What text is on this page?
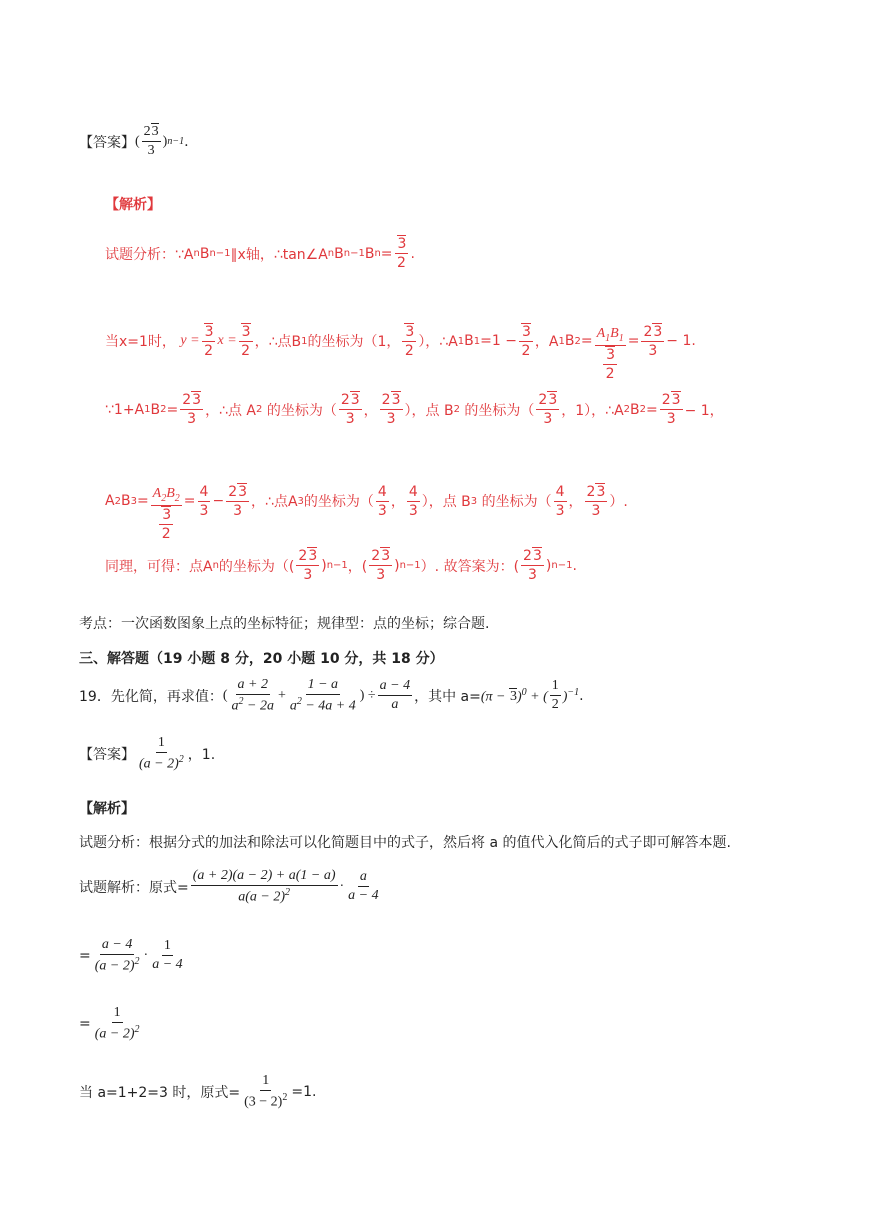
【答案】 ( $\frac{23}{3}$ ) n−1 .
【解析】
试题分析：∵A n B n−1 ∥x轴，∴tan∠A n B n−1 B $n = \frac{3}{2}$ .
当x=1时，
$y = \frac{3}{2}$ $x = \frac{3}{2}$ ，∴点B 1 的坐标为（1， $\frac{3}{2}$ ），∴A 1 B $1 =1 - \frac{3}{2}$ ，A 1 B $2 = \frac{A_1B_1}{\frac{3}{2}} = \frac{23}{3} - 1$.
∵1+A 1 B $2 = \frac{23}{3}$ ，∴点 A 2
的坐标为（ $\frac{23}{3}$ ， $\frac{23}{3}$ ），点 B 2
的坐标为（ $\frac{23}{3}$ ，1），∴A 2 B $2 = \frac{23}{3} - 1$，
A 2 B $3 = \frac{A_2B_2}{\frac{3}{2}} = \frac{4}{3} - \frac{23}{3}$ ，∴点A 3 的坐标为（ $\frac{4}{3}$ ， $\frac{4}{3}$ ），点 B 3
的坐标为（ $\frac{4}{3}$ ， $\frac{23}{3}$ ）.
同理，可得：点A n 的坐标为（( $\frac{23}{3}$ ) n−1 ，( $\frac{23}{3}$ ) n−1 ）. 故答案为：( $\frac{23}{3}$ ) n−1 .
考点：一次函数图象上点的坐标特征；规律型：点的坐标；综合题.
三、解答题（19 小题 8 分，20 小题 10 分，共 18 分）
19．先化简，再求值： ( $\frac{a + 2}{a^2 - 2a} + \frac{1 - a}{a^2 - 4a + 4}$ ) ÷ $\frac{a - 4}{a}$ ，其中 $a= (\pi - 3)^0$ + ( $\frac{1}{2} )^{-1}$ .
【答案】 $\frac{1}{(a - 2)^2}$ ，1.
【解析】
试题分析：根据分式的加法和除法可以化简题目中的式子，然后将 a 的值代入化简后的式子即可解答本题.
试题解析：原式= $\frac{(a + 2)(a - 2) + a(1 - a)}{a(a - 2)^2} \cdot \frac{a}{a - 4}$
= $\frac{a - 4}{(a - 2)^2} \cdot \frac{1}{a - 4}$
= $\frac{1}{(a - 2)^2}$
当 a=1+2=3 时，原式= $\frac{1}{(3 - 2)^2} =1$.
